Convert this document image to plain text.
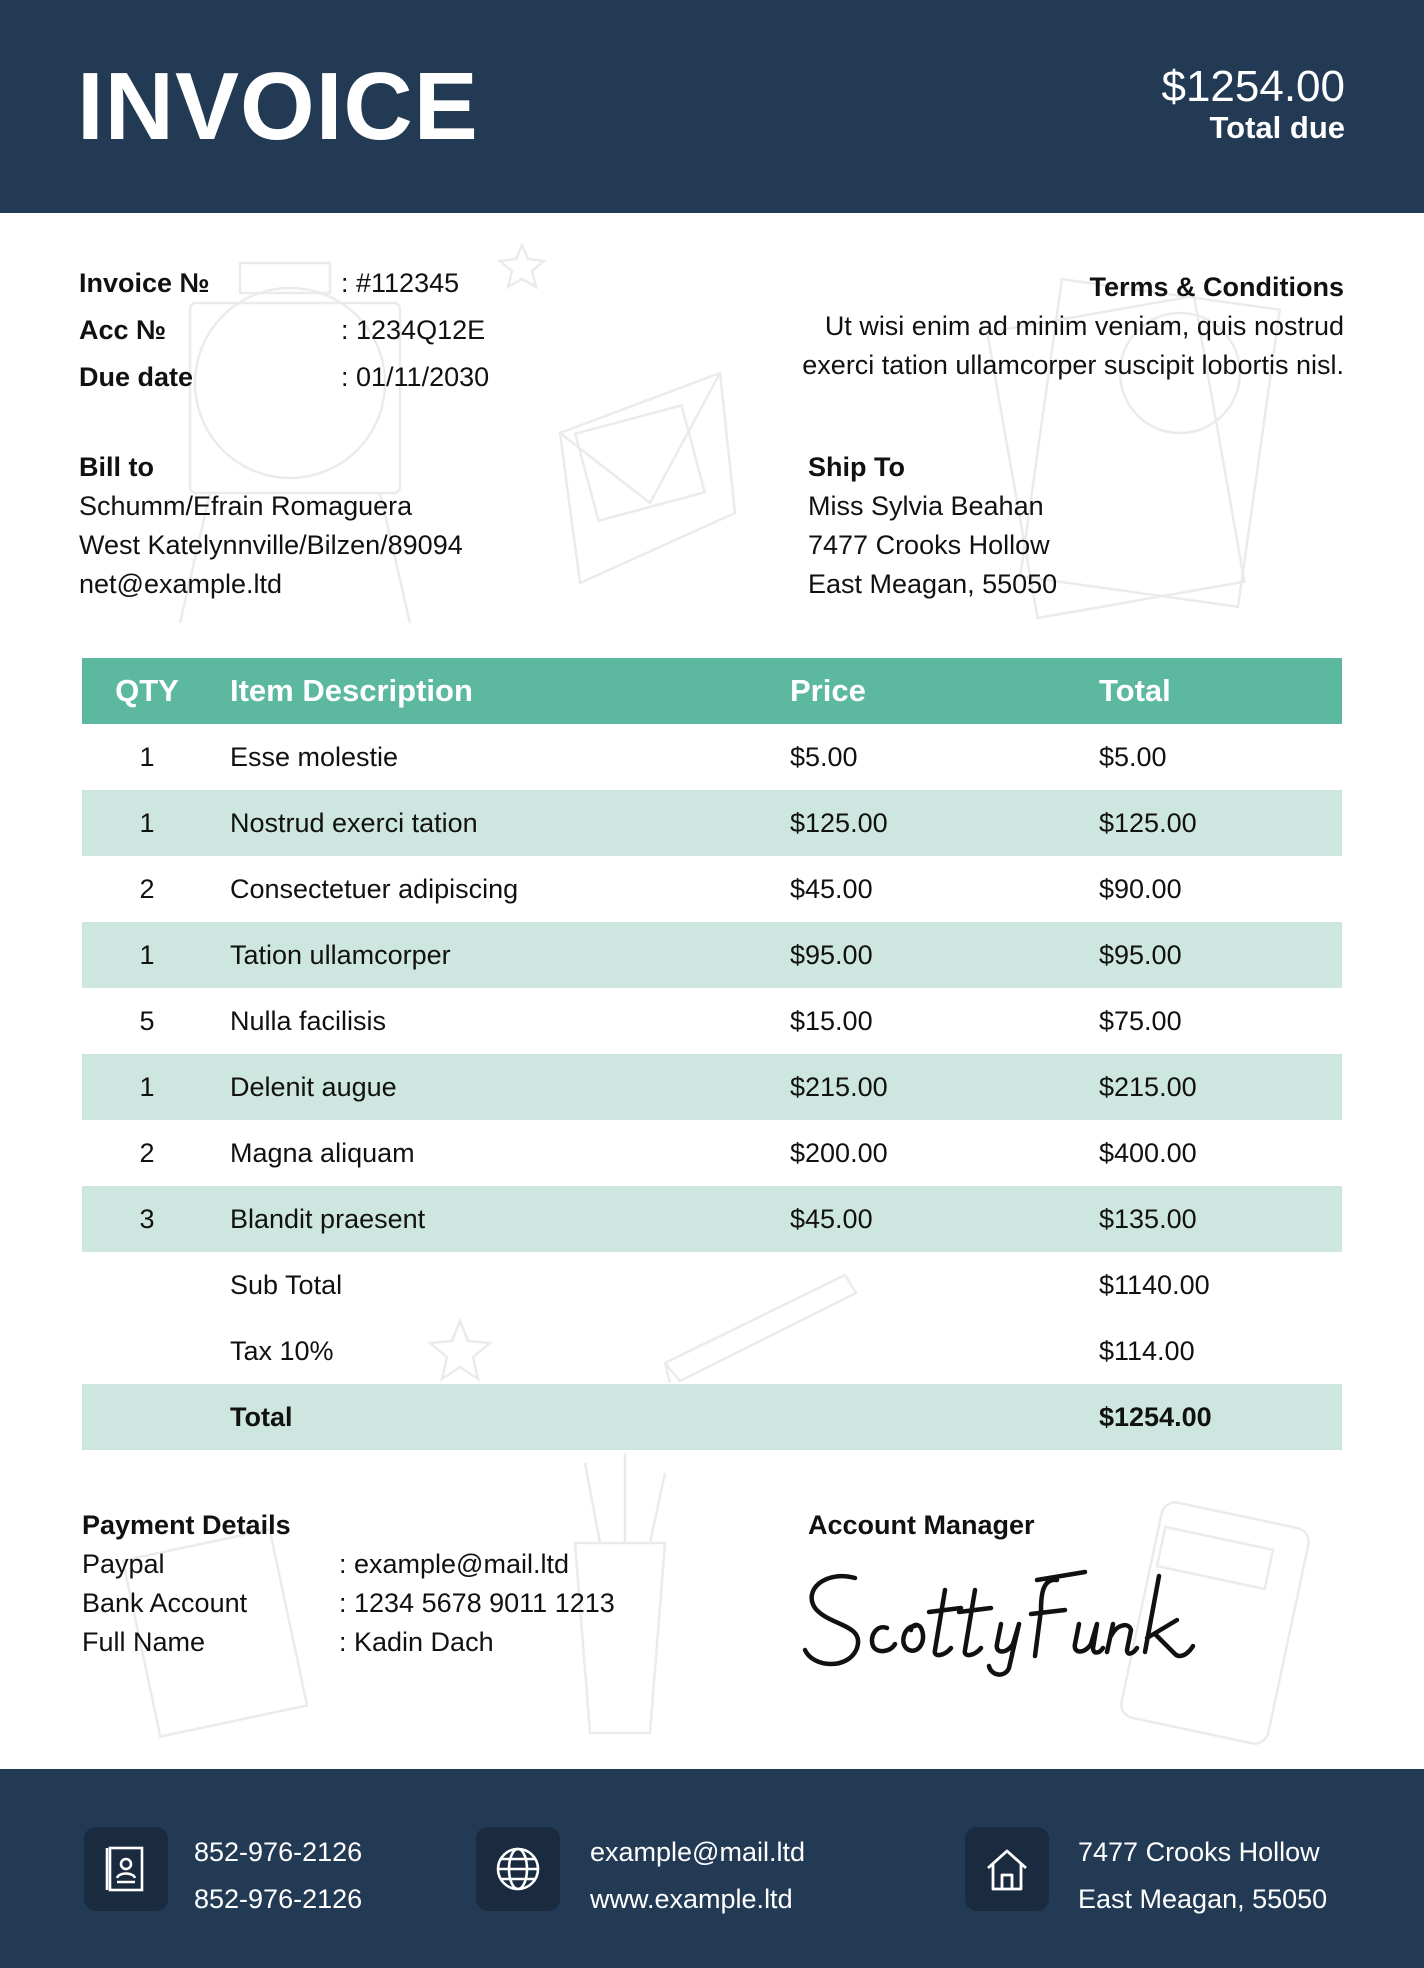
INVOICE	$1254.00
Total due
Invoice №	: #112345
Acc №	: 1234Q12E
Due date	: 01/11/2030
Terms & Conditions
Ut wisi enim ad minim veniam, quis nostrud
exerci tation ullamcorper suscipit lobortis nisl.
Bill to
Schumm/Efrain Romaguera
West Katelynnville/Bilzen/89094
net@example.ltd
Ship To
Miss Sylvia Beahan
7477 Crooks Hollow
East Meagan, 55050
QTY	Item Description	Price	Total
1	Esse molestie	$5.00	$5.00
1	Nostrud exerci tation	$125.00	$125.00
2	Consectetuer adipiscing	$45.00	$90.00
1	Tation ullamcorper	$95.00	$95.00
5	Nulla facilisis	$15.00	$75.00
1	Delenit augue	$215.00	$215.00
2	Magna aliquam	$200.00	$400.00
3	Blandit praesent	$45.00	$135.00
	Sub Total		$1140.00
	Tax 10%		$114.00
	Total		$1254.00
Payment Details
Paypal	: example@mail.ltd
Bank Account	: 1234 5678 9011 1213
Full Name	: Kadin Dach
Account Manager
852-976-2126
852-976-2126
example@mail.ltd
www.example.ltd
7477 Crooks Hollow
East Meagan, 55050
